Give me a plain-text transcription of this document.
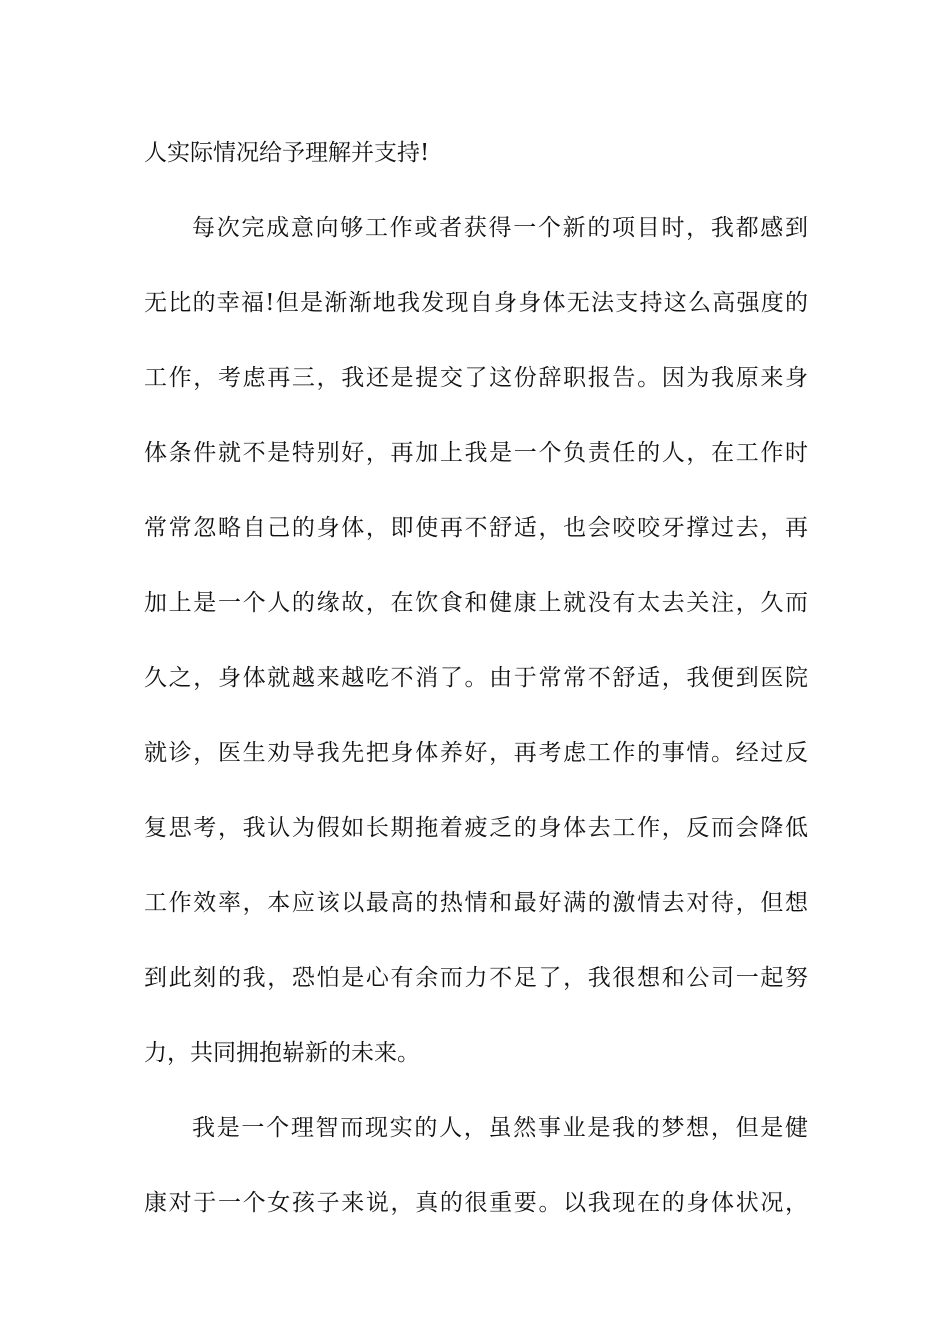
人实际情况给予理解并支持!
每次完成意向够工作或者获得一个新的项目时，我都感到
无比的幸福!但是渐渐地我发现自身身体无法支持这么高强度的
工作，考虑再三，我还是提交了这份辞职报告。因为我原来身
体条件就不是特别好，再加上我是一个负责任的人，在工作时
常常忽略自己的身体，即使再不舒适，也会咬咬牙撑过去，再
加上是一个人的缘故，在饮食和健康上就没有太去关注，久而
久之，身体就越来越吃不消了。由于常常不舒适，我便到医院
就诊，医生劝导我先把身体养好，再考虑工作的事情。经过反
复思考，我认为假如长期拖着疲乏的身体去工作，反而会降低
工作效率，本应该以最高的热情和最好满的激情去对待，但想
到此刻的我，恐怕是心有余而力不足了，我很想和公司一起努
力，共同拥抱崭新的未来。
我是一个理智而现实的人，虽然事业是我的梦想，但是健
康对于一个女孩子来说，真的很重要。以我现在的身体状况，
